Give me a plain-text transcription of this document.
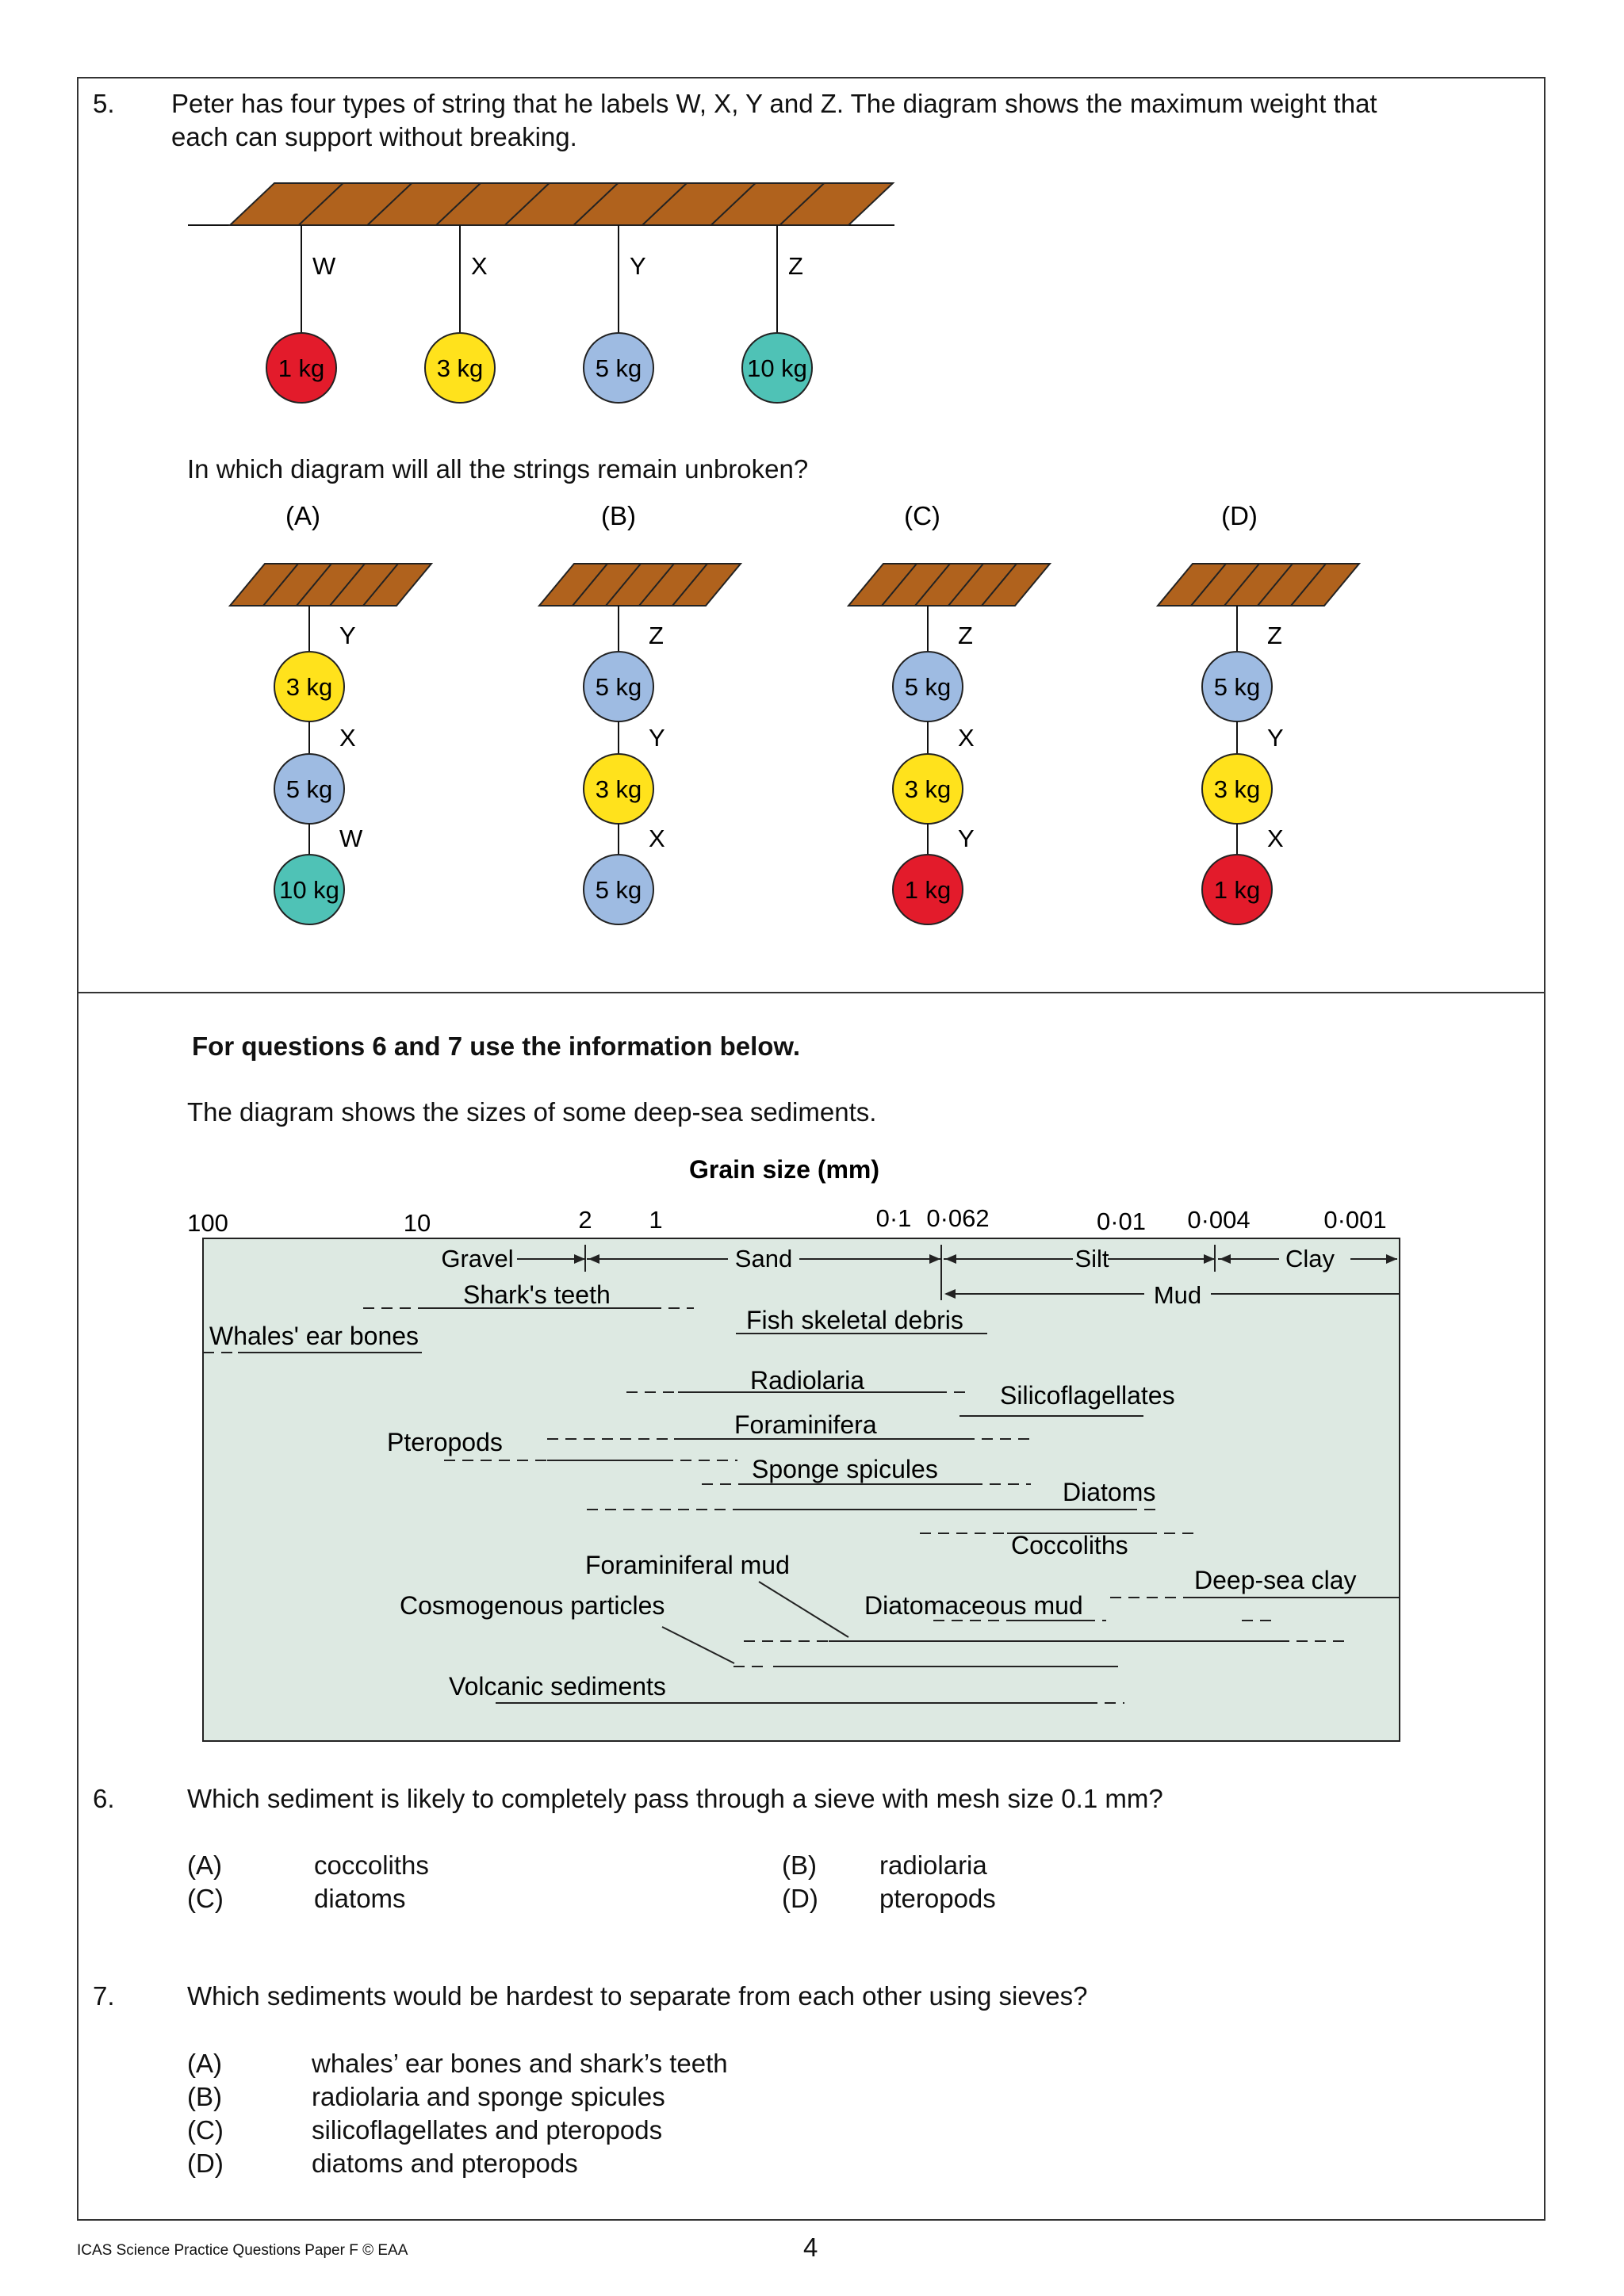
5. Peter has four types of string that he labels W, X, Y and Z. The diagram shows the maximum weight that
each can support without breaking.
In which diagram will all the strings remain unbroken?
W
1 kg
X
3 kg
Y
5 kg
Z
10 kg
(A)
Y
3 kg
X
5 kg
W
10 kg
(B)
Z
5 kg
Y
3 kg
X
5 kg
(C)
Z
5 kg
X
3 kg
Y
1 kg
(D)
Z
5 kg
Y
3 kg
X
1 kg
For questions 6 and 7 use the information below.
The diagram shows the sizes of some deep-sea sediments.
Grain size (mm)
100	10	2 1	0·1 0·062	0·01 0·004	0·001
Gravel	Sand	Silt	Clay
Mud
Shark's teeth
Whales' ear bones
Fish skeletal debris
Radiolaria
Silicoflagellates
Pteropods
Foraminifera
Sponge spicules
Diatoms
Coccoliths
Foraminiferal mud
Deep-sea clay
Cosmogenous particles	Diatomaceous mud
Volcanic sediments
6.	Which sediment is likely to completely pass through a sieve with mesh size 0.1 mm?
(A)	coccoliths	(B) radiolaria
(C)	diatoms	(D) pteropods
7.	Which sediments would be hardest to separate from each other using sieves?
(A)	whales’ ear bones and shark’s teeth
(B)	radiolaria and sponge spicules
(C)	silicoflagellates and pteropods
(D)	diatoms and pteropods
ICAS Science Practice Questions Paper F © EAA	4
